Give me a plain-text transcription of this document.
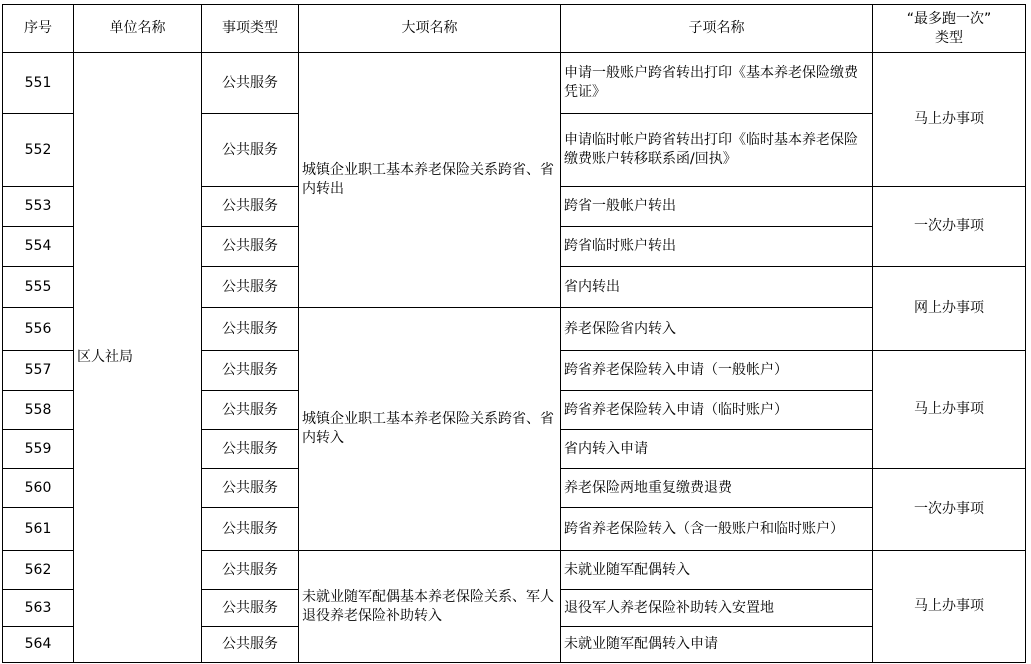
序号	单位名称	事项类型	大项名称	子项名称	“最多跑一次”
类型

551	区人社局	公共服务	城镇企业职工基本养老保险关系跨省、省内转出	申请一般账户跨省转出打印《基本养老保险缴费凭证》	马上办事项
552		公共服务		申请临时帐户跨省转出打印《临时基本养老保险缴费账户转移联系函/回执》	
553		公共服务		跨省一般帐户转出	一次办事项
554		公共服务		跨省临时账户转出	
555		公共服务		省内转出	网上办事项
556		公共服务	城镇企业职工基本养老保险关系跨省、省内转入	养老保险省内转入	
557		公共服务		跨省养老保险转入申请（一般帐户）	马上办事项
558		公共服务		跨省养老保险转入申请（临时账户）	
559		公共服务		省内转入申请	
560		公共服务		养老保险两地重复缴费退费	一次办事项
561		公共服务		跨省养老保险转入（含一般账户和临时账户）	
562		公共服务	未就业随军配偶基本养老保险关系、军人退役养老保险补助转入	未就业随军配偶转入	马上办事项
563		公共服务		退役军人养老保险补助转入安置地	
564		公共服务		未就业随军配偶转入申请	
